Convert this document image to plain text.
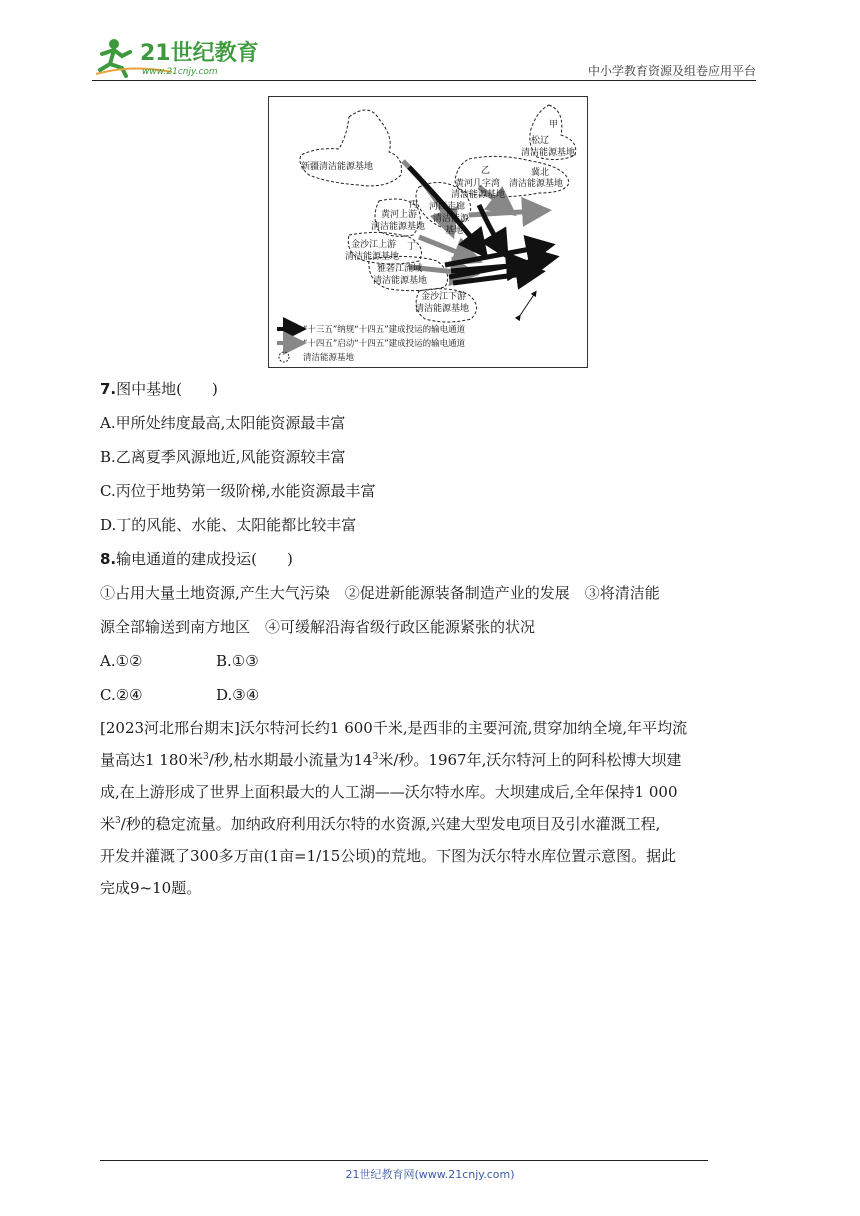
21世纪教育
www.21cnjy.com	中小学教育资源及组卷应用平台
甲
松辽
清洁能源基地
新疆清洁能源基地	乙	冀北
黄河几字湾 清洁能源基地
清洁能源基地
丙 河西走廊
黄河上游 清洁能源
清洁能源基地 基地
丁
金沙江上游
清洁能源基地
雅砻江流域
清洁能源基地
金沙江下游
清洁能源基地
“十三五”纳规“十四五”建成投运的输电通道
“十四五”启动“十四五”建成投运的输电通道
清洁能源基地
7.图中基地(　　)
A.甲所处纬度最高,太阳能资源最丰富
B.乙离夏季风源地近,风能资源较丰富
C.丙位于地势第一级阶梯,水能资源最丰富
D.丁的风能、水能、太阳能都比较丰富
8.输电通道的建成投运(　　)
①占用大量土地资源,产生大气污染　②促进新能源装备制造产业的发展　③将清洁能
源全部输送到南方地区　④可缓解沿海省级行政区能源紧张的状况
A.①②	B.①③
C.②④	D.③④
[2023河北邢台期末]沃尔特河长约1 600千米,是西非的主要河流,贯穿加纳全境,年平均流
量高达1 180米$^3$/秒,枯水期最小流量为$14^3$米/秒。1967年,沃尔特河上的阿科松博大坝建
成,在上游形成了世界上面积最大的人工湖——沃尔特水库。大坝建成后,全年保持1 000
米$^3$/秒的稳定流量。加纳政府利用沃尔特的水资源,兴建大型发电项目及引水灌溉工程,
开发并灌溉了300多万亩(1亩=1/15公顷)的荒地。下图为沃尔特水库位置示意图。据此
完成9~10题。
21世纪教育网(www.21cnjy.com)
